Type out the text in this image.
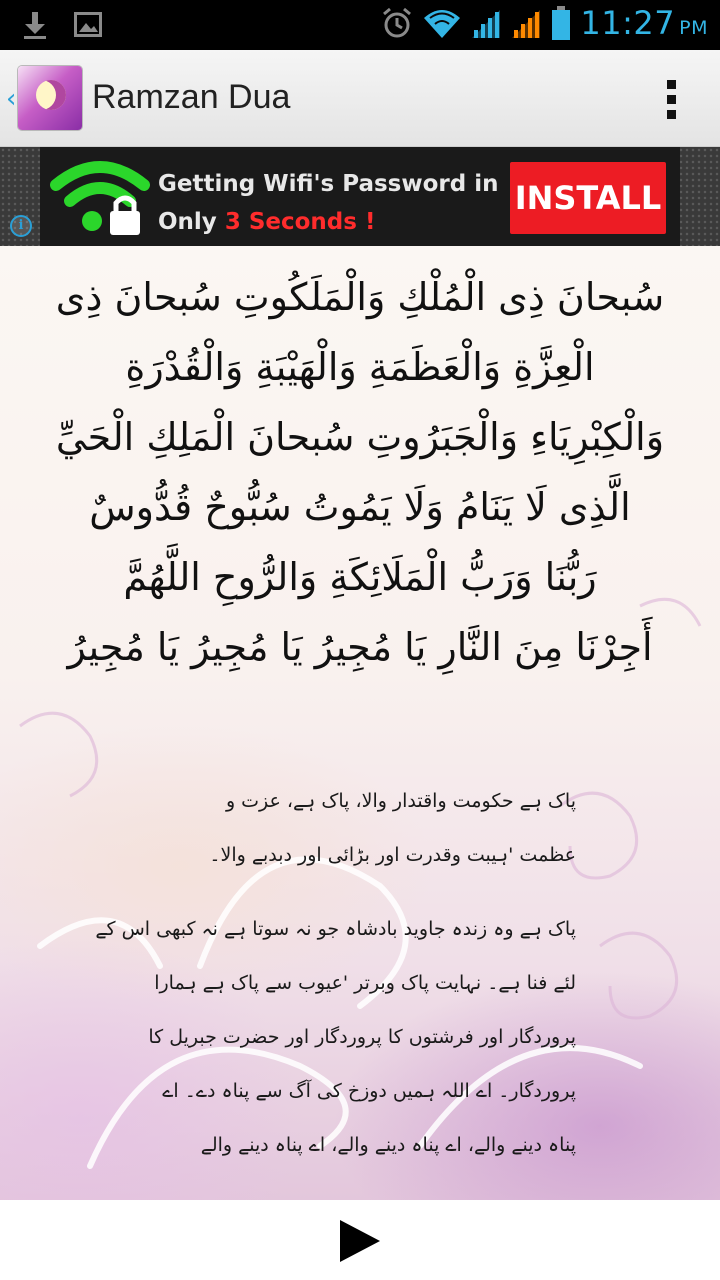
11:27 PM
‹ Ramzan Dua
Getting Wifi's Password in
Only 3 Seconds !
INSTALL
i
سُبحانَ ذِى الْمُلْكِ وَالْمَلَكُوتِ سُبحانَ ذِى
الْعِزَّةِ وَالْعَظَمَةِ وَالْهَيْبَةِ وَالْقُدْرَةِ
وَالْكِبْرِيَاءِ وَالْجَبَرُوتِ سُبحانَ الْمَلِكِ الْحَيِّ
الَّذِى لَا يَنَامُ وَلَا يَمُوتُ سُبُّوحٌ قُدُّوسٌ
رَبُّنَا وَرَبُّ الْمَلَائِكَةِ وَالرُّوحِ اللَّهُمَّ
أَجِرْنَا مِنَ النَّارِ يَا مُجِيرُ يَا مُجِيرُ يَا مُجِيرُ
پاک ہے حکومت واقتدار والا، پاک ہے، عزت و
عظمت 'ہیبت وقدرت اور بڑائی اور دبدبے والا۔
پاک ہے وہ زندہ جاوید بادشاہ جو نہ سوتا ہے نہ کبھی اس کے
لئے فنا ہے۔ نہایت پاک وبرتر 'عیوب سے پاک ہے ہمارا
پروردگار اور فرشتوں کا پروردگار اور حضرت جبریل کا
پروردگار۔ اے اللہ ہمیں دوزخ کی آگ سے پناہ دے۔ اے
پناہ دینے والے، اے پناہ دینے والے، اے پناہ دینے والے
